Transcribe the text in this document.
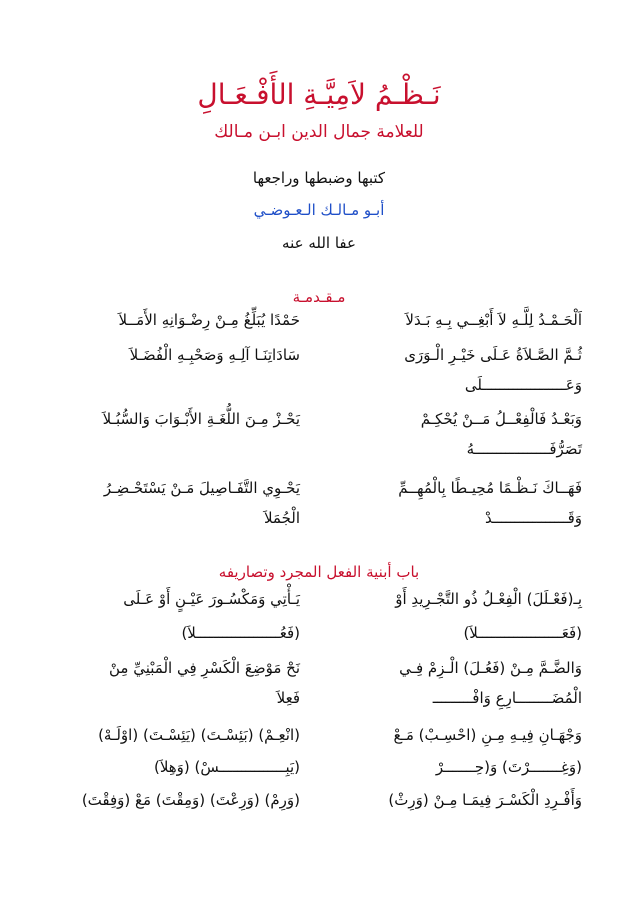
نَـظْـمُ لاَمِيَّـةِ الأَفْـعَـالِ
للعلامة جمال الدين ابـن مـالك
كتبها وضبطها وراجعها
أبـو مـالـك الـعـوضـي
عفا الله عنه
مـقـدمـة
اَلْحَـمْـدُ لِلَّـهِ لاَ أَبْغِــي بِـهِ بَـدَلاَ
حَمْدًا يُبَلِّغُ مِـنْ رِضْـوَانِهِ الأَمَــلاَ
ثُـمَّ الصَّـلاَةُ عَـلَى خَيْـرِ الْـوَرَى
سَادَاتِنَـا آلِـهِ وَصَحْبِـهِ الْفُضَـلاَ
وَعَـــــــــــــــــــلَى
وَبَعْـدُ فَالْفِعْــلُ مَــنْ يُحْكِـمْ
يَحْـزْ مِـنَ اللُّغَـةِ الأَبْـوَابَ وَالسُّبُـلاَ
تَصَرُّفَـــــــــــــــــهُ
فَهَــاكَ نَـظْـمًا مُحِيـطًا بِالْمُهِــمِّ
يَحْـوِي التَّفَـاصِيلَ مَـنْ يَسْتَحْـضِـرُ
وَقَـــــــــــــــــدْ
الْجُمَلاَ
باب أبنية الفعل المجرد وتصاريفه
بِـ(فَعْـلَلَ) الْفِعْـلُ ذُو التَّجْـرِيدِ أَوْ
يَـأْتِي وَمَكْسُـورَ عَيْـنٍ أَوْ عَـلَى
(فَعَـــــــــــــــــــلاَ)
(فَعُـــــــــــــــــــلاَ)
وَالضَّـمَّ مِـنْ (فَعُـلَ) الْـزِمْ فِـي
نَحْ مَوْضِعَ الْكَسْرِ فِي الْمَبْنِيِّ مِنْ
الْمُضَــــــــارِعِ وَافْـــــــــ
فَعِلاَ
وَجْهَـانِ فِيـهِ مِـنِ (احْسِـبْ) مَـعْ
(انْعِـمْ) (بَئِسْـتَ) (يَئِسْـتَ) (اوْلَـهْ)
(وَغِـــــــرْتَ) وَ(حِـــــــرْ
(يَبِـــــــــــــــسْ) (وَهِلاَ)
وَأَفْـرِدِ الْكَسْـرَ فِيمَـا مِـنْ (وَرِثْ)
(وَرِمْ) (وَرِعْتَ) (وَمِقْتَ) مَعْ (وَفِقْتَ)
